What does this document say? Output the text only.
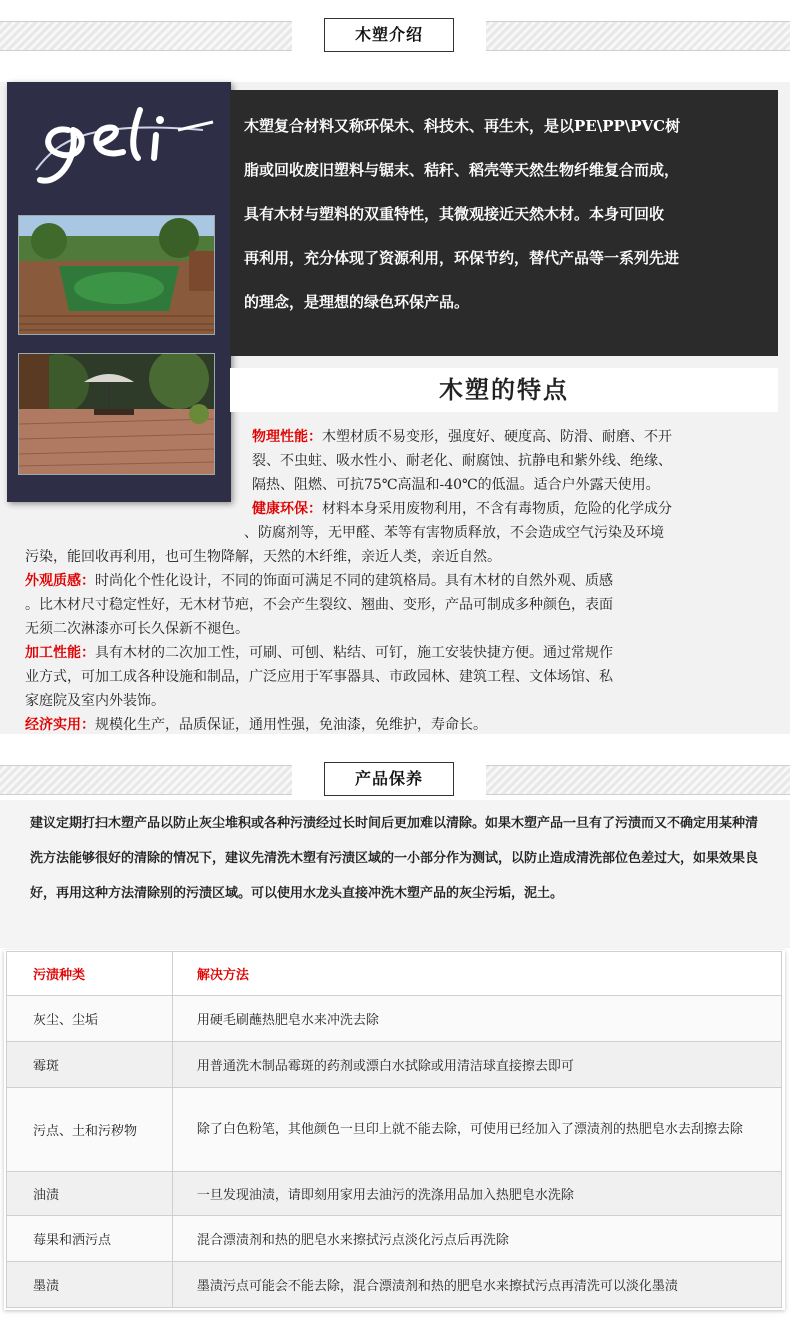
木塑介绍
木塑复合材料又称环保木、科技木、再生木，是以PE\PP\PVC树
脂或回收废旧塑料与锯末、秸秆、稻壳等天然生物纤维复合而成，
具有木材与塑料的双重特性，其微观接近天然木材。本身可回收
再利用，充分体现了资源利用，环保节约，替代产品等一系列先进
的理念，是理想的绿色环保产品。
木塑的特点
物理性能：木塑材质不易变形，强度好、硬度高、防滑、耐磨、不开
裂、不虫蛀、吸水性小、耐老化、耐腐蚀、抗静电和紫外线、绝缘、
隔热、阻燃、可抗75℃高温和-40℃的低温。适合户外露天使用。
健康环保：材料本身采用废物利用，不含有毒物质，危险的化学成分
、防腐剂等，无甲醛、苯等有害物质释放，不会造成空气污染及环境
污染，能回收再利用，也可生物降解，天然的木纤维，亲近人类，亲近自然。
外观质感：时尚化个性化设计，不同的饰面可满足不同的建筑格局。具有木材的自然外观、质感
。比木材尺寸稳定性好，无木材节疤，不会产生裂纹、翘曲、变形，产品可制成多种颜色，表面
无须二次淋漆亦可长久保新不褪色。
加工性能：具有木材的二次加工性，可刷、可刨、粘结、可钉，施工安装快捷方便。通过常规作
业方式，可加工成各种设施和制品，广泛应用于军事器具、市政园林、建筑工程、文体场馆、私
家庭院及室内外装饰。
经济实用：规模化生产，品质保证，通用性强，免油漆，免维护，寿命长。
产品保养
建议定期打扫木塑产品以防止灰尘堆积或各种污渍经过长时间后更加难以清除。如果木塑产品一旦有了污渍而又不确定用某种清洗方法能够很好的清除的情况下，建议先清洗木塑有污渍区域的一小部分作为测试，以防止造成清洗部位色差过大，如果效果良好，再用这种方法清除别的污渍区域。可以使用水龙头直接冲洗木塑产品的灰尘污垢，泥土。
污渍种类	解决方法
灰尘、尘垢	用硬毛刷蘸热肥皂水来冲洗去除
霉斑	用普通洗木制品霉斑的药剂或漂白水拭除或用清洁球直接擦去即可
污点、土和污秽物	除了白色粉笔，其他颜色一旦印上就不能去除，可使用已经加入了漂渍剂的热肥皂水去刮擦去除
油渍	一旦发现油渍，请即刻用家用去油污的洗涤用品加入热肥皂水洗除
莓果和洒污点	混合漂渍剂和热的肥皂水来擦拭污点淡化污点后再洗除
墨渍	墨渍污点可能会不能去除，混合漂渍剂和热的肥皂水来擦拭污点再清洗可以淡化墨渍
